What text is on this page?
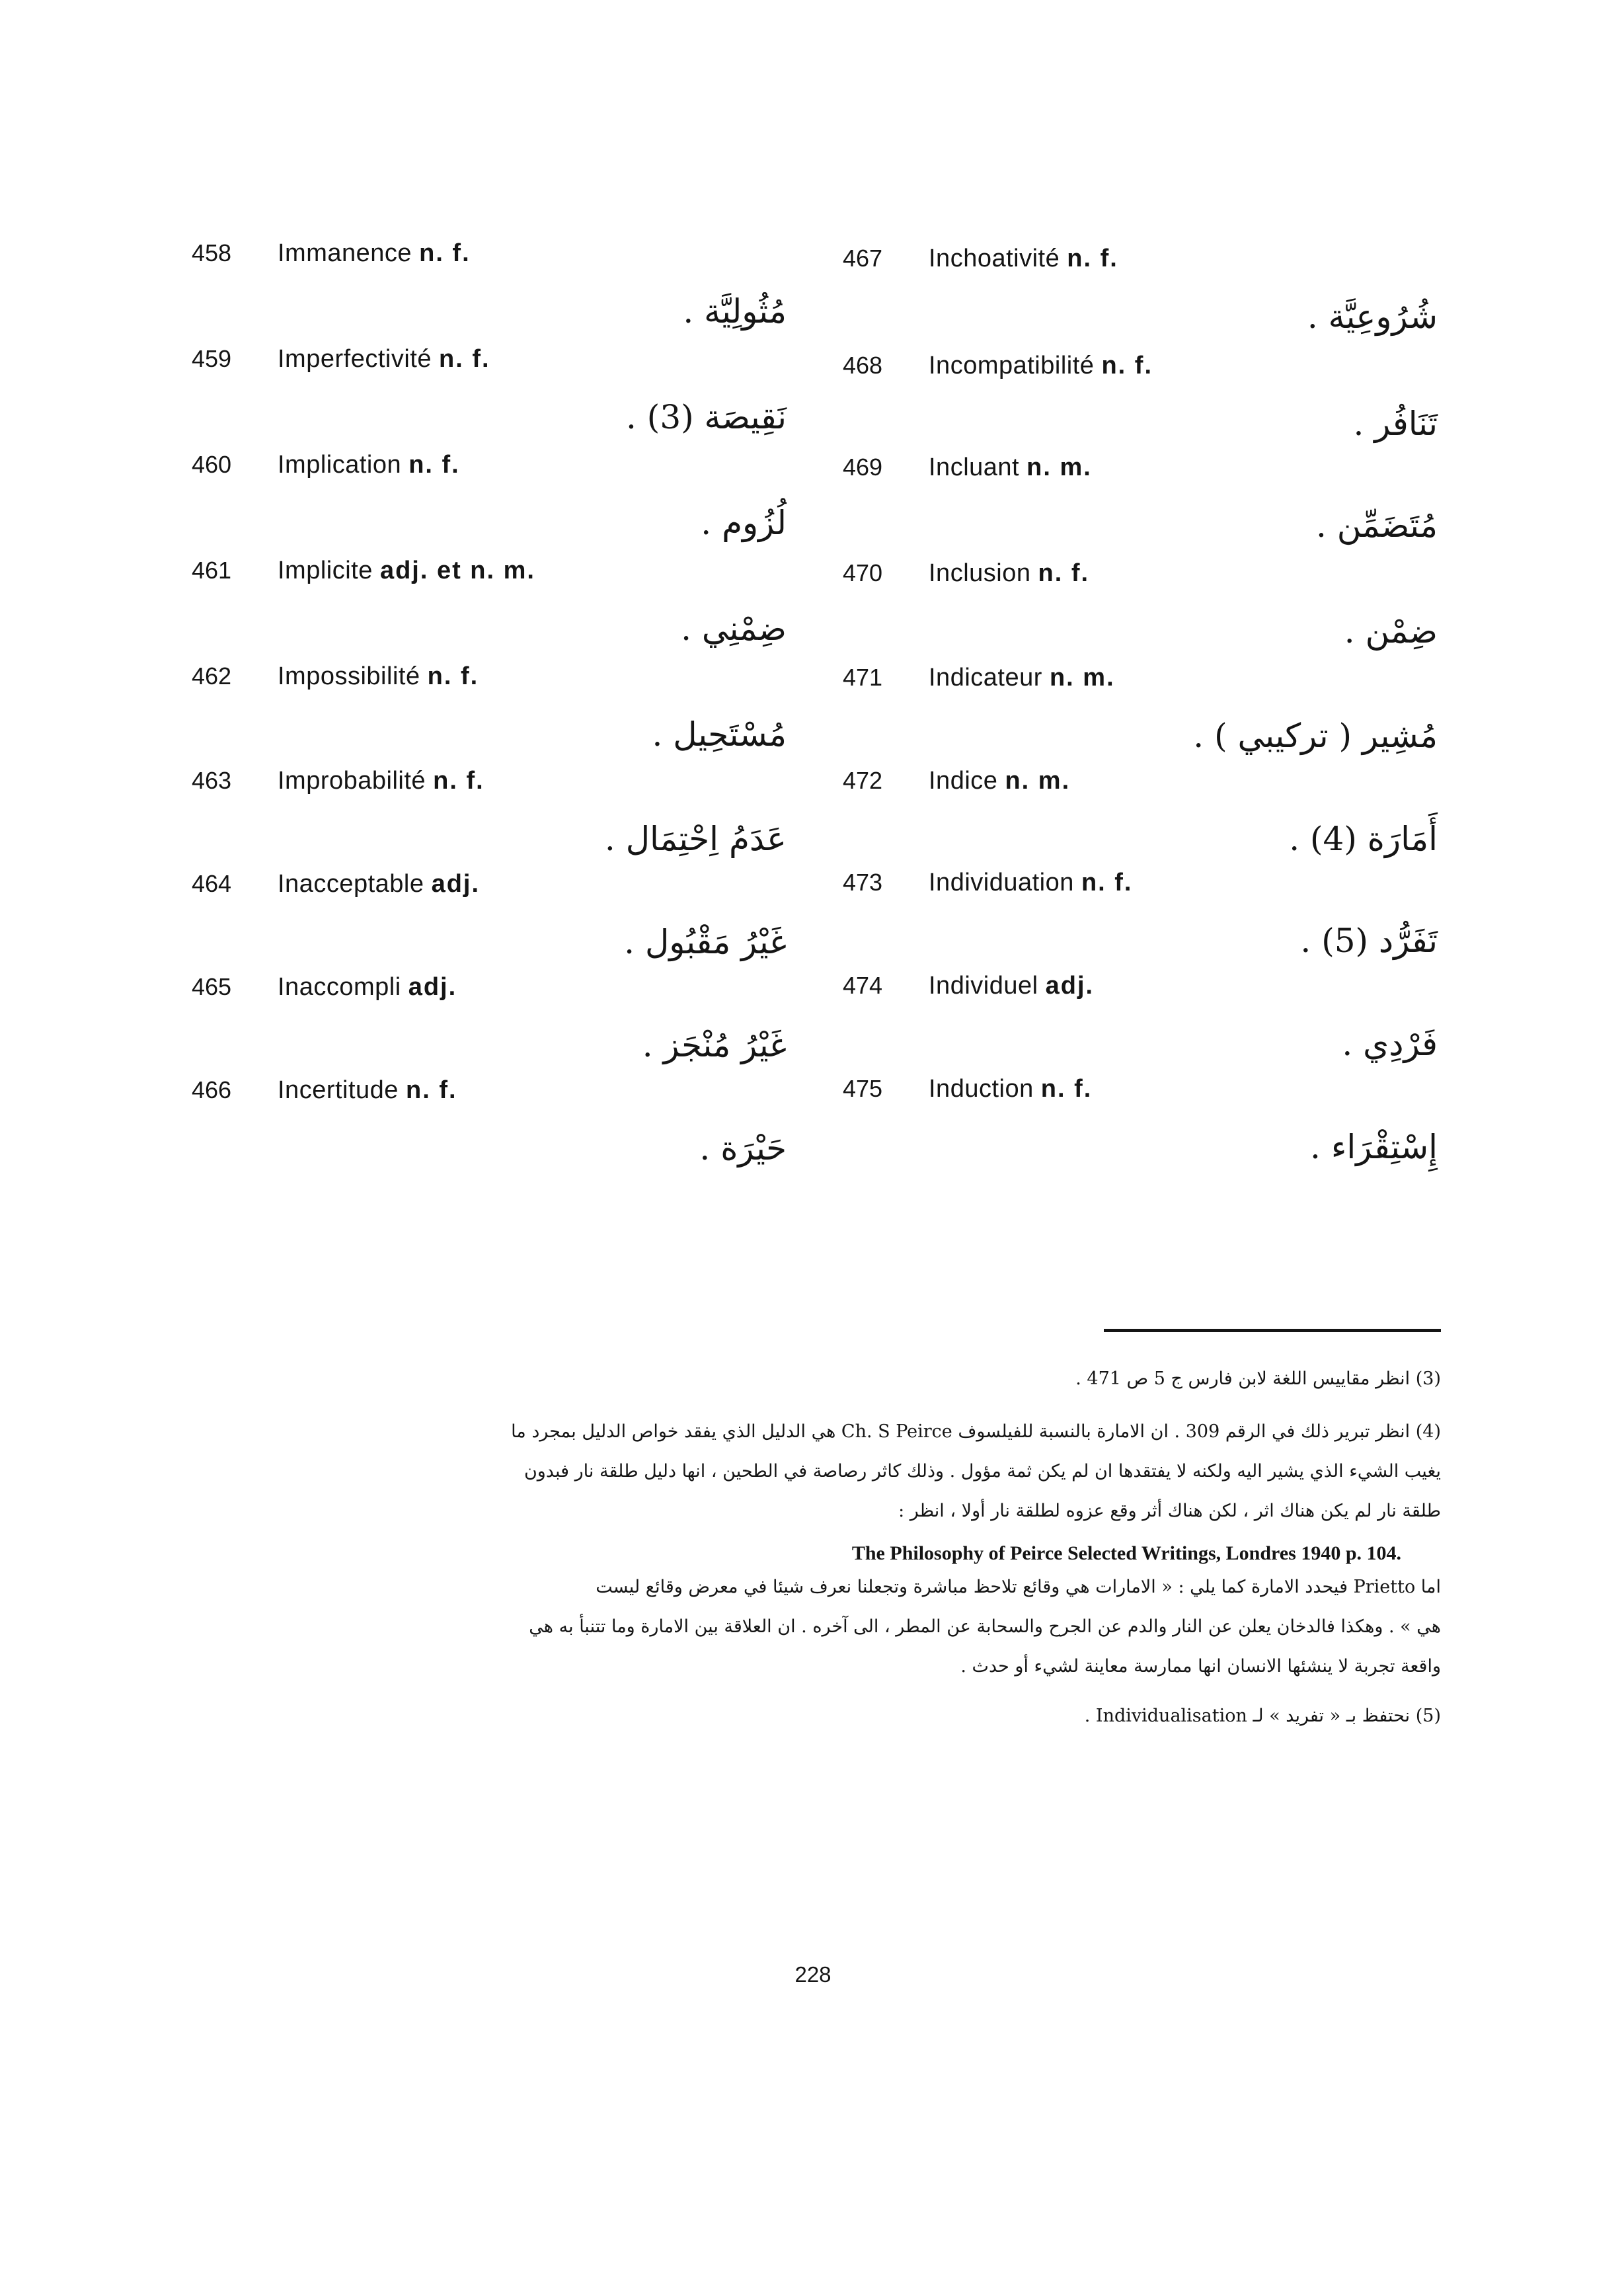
458 Immanence n. f.
مُثُولِيَّة .
459 Imperfectivité n. f.
نَقِيصَة (3) .
460 Implication n. f.
لُزُوم .
461 Implicite adj. et n. m.
ضِمْنِي .
462 Impossibilité n. f.
مُسْتَحِيل .
463 Improbabilité n. f.
عَدَمُ اِحْتِمَال .
464 Inacceptable adj.
غَيْرُ مَقْبُول .
465 Inaccompli adj.
غَيْرُ مُنْجَز .
466 Incertitude n. f.
حَيْرَة .
467 Inchoativité n. f.
شُرُوعِيَّة .
468 Incompatibilité n. f.
تَنَافُر .
469 Incluant n. m.
مُتَضَمِّن .
470 Inclusion n. f.
ضِمْن .
471 Indicateur n. m.
مُشِير ( تركيبي ) .
472 Indice n. m.
أَمَارَة (4) .
473 Individuation n. f.
تَفَرُّد (5) .
474 Individuel adj.
فَرْدِي .
475 Induction n. f.
إِسْتِقْرَاء .
(3) انظر مقاييس اللغة لابن فارس ج 5 ص 471 .
(4) انظر تبرير ذلك في الرقم 309 . ان الامارة بالنسبة للفيلسوف Ch. S Peirce هي الدليل الذي يفقد خواص الدليل بمجرد ما
يغيب الشيء الذي يشير اليه ولكنه لا يفتقدها ان لم يكن ثمة مؤول . وذلك كاثر رصاصة في الطحين ، انها دليل طلقة نار فبدون
طلقة نار لم يكن هناك اثر ، لكن هناك أثر وقع عزوه لطلقة نار أولا ، انظر :
The Philosophy of Peirce Selected Writings, Londres 1940 p. 104.
اما Prietto فيحدد الامارة كما يلي : « الامارات هي وقائع تلاحظ مباشرة وتجعلنا نعرف شيئا في معرض وقائع ليست
هي » . وهكذا فالدخان يعلن عن النار والدم عن الجرح والسحابة عن المطر ، الى آخره . ان العلاقة بين الامارة وما تتنبأ به هي
واقعة تجربة لا ينشئها الانسان انها ممارسة معاينة لشيء أو حدث .
(5) نحتفظ بـ « تفريد » لـ Individualisation .
228
